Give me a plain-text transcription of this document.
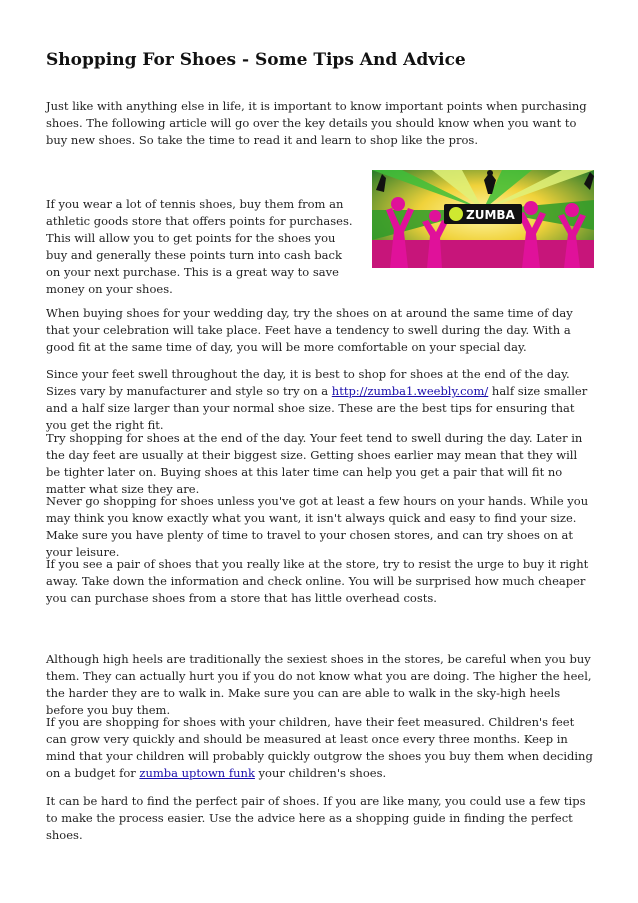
Shopping For Shoes - Some Tips And Advice

Just like with anything else in life, it is important to know important points when purchasing shoes. The following article will go over the key details you should know when you want to buy new shoes. So take the time to read it and learn to shop like the pros.

If you wear a lot of tennis shoes, buy them from an athletic goods store that offers points for purchases. This will allow you to get points for the shoes you buy and generally these points turn into cash back on your next purchase. This is a great way to save money on your shoes.

ZUMBA

When buying shoes for your wedding day, try the shoes on at around the same time of day that your celebration will take place. Feet have a tendency to swell during the day. With a good fit at the same time of day, you will be more comfortable on your special day.

Since your feet swell throughout the day, it is best to shop for shoes at the end of the day. Sizes vary by manufacturer and style so try on a http://zumba1.weebly.com/ half size smaller and a half size larger than your normal shoe size. These are the best tips for ensuring that you get the right fit.

Try shopping for shoes at the end of the day. Your feet tend to swell during the day. Later in the day feet are usually at their biggest size. Getting shoes earlier may mean that they will be tighter later on. Buying shoes at this later time can help you get a pair that will fit no matter what size they are.

Never go shopping for shoes unless you've got at least a few hours on your hands. While you may think you know exactly what you want, it isn't always quick and easy to find your size. Make sure you have plenty of time to travel to your chosen stores, and can try shoes on at your leisure.

If you see a pair of shoes that you really like at the store, try to resist the urge to buy it right away. Take down the information and check online. You will be surprised how much cheaper you can purchase shoes from a store that has little overhead costs.

Although high heels are traditionally the sexiest shoes in the stores, be careful when you buy them. They can actually hurt you if you do not know what you are doing. The higher the heel, the harder they are to walk in. Make sure you can are able to walk in the sky-high heels before you buy them.

If you are shopping for shoes with your children, have their feet measured. Children's feet can grow very quickly and should be measured at least once every three months. Keep in mind that your children will probably quickly outgrow the shoes you buy them when deciding on a budget for zumba uptown funk your children's shoes.

It can be hard to find the perfect pair of shoes. If you are like many, you could use a few tips to make the process easier. Use the advice here as a shopping guide in finding the perfect shoes.
